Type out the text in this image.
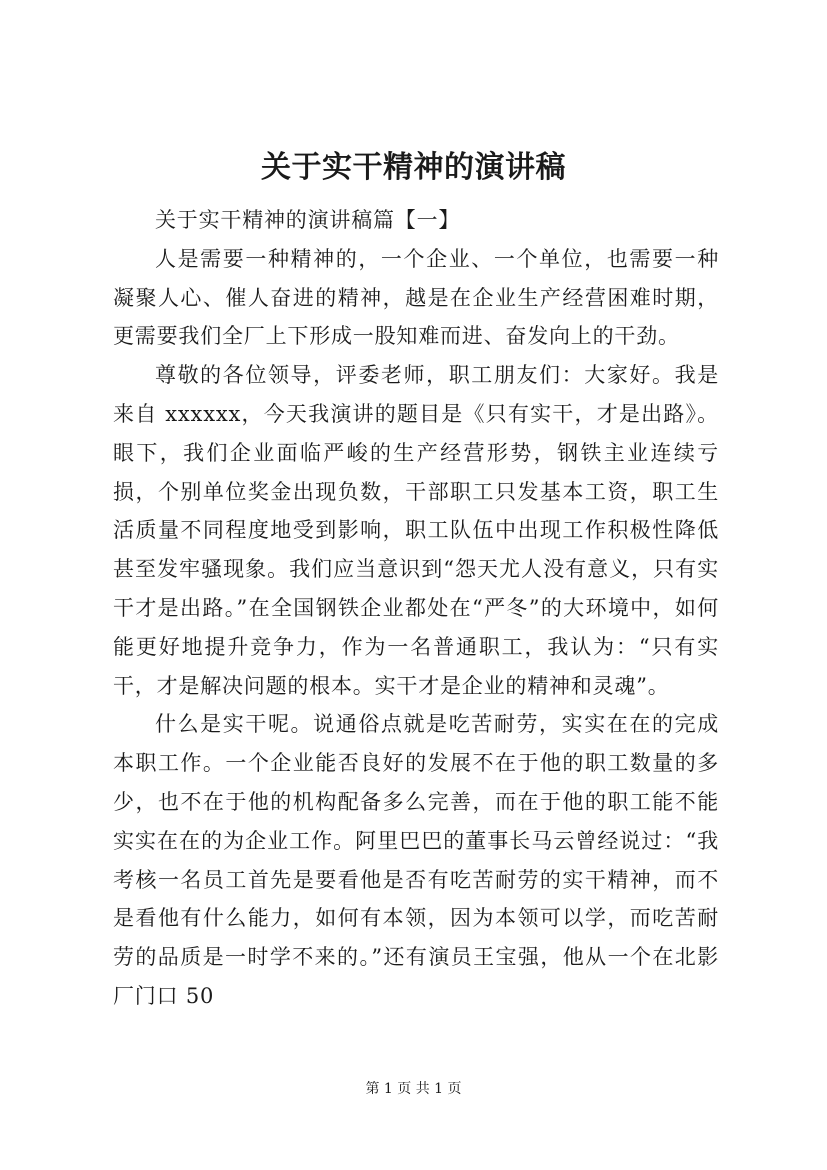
关于实干精神的演讲稿

关于实干精神的演讲稿篇【一】

人是需要一种精神的，一个企业、一个单位，也需要一种凝聚人心、催人奋进的精神，越是在企业生产经营困难时期，更需要我们全厂上下形成一股知难而进、奋发向上的干劲。

尊敬的各位领导，评委老师，职工朋友们：大家好。我是来自 xxxxxx，今天我演讲的题目是《只有实干，才是出路》。眼下，我们企业面临严峻的生产经营形势，钢铁主业连续亏损，个别单位奖金出现负数，干部职工只发基本工资，职工生活质量不同程度地受到影响，职工队伍中出现工作积极性降低甚至发牢骚现象。我们应当意识到“怨天尤人没有意义，只有实干才是出路。”在全国钢铁企业都处在“严冬”的大环境中，如何能更好地提升竞争力，作为一名普通职工，我认为：“只有实干，才是解决问题的根本。实干才是企业的精神和灵魂”。

什么是实干呢。说通俗点就是吃苦耐劳，实实在在的完成本职工作。一个企业能否良好的发展不在于他的职工数量的多少，也不在于他的机构配备多么完善，而在于他的职工能不能实实在在的为企业工作。阿里巴巴的董事长马云曾经说过：“我考核一名员工首先是要看他是否有吃苦耐劳的实干精神，而不是看他有什么能力，如何有本领，因为本领可以学，而吃苦耐劳的品质是一时学不来的。”还有演员王宝强，他从一个在北影厂门口 50

第 1 页 共 1 页
